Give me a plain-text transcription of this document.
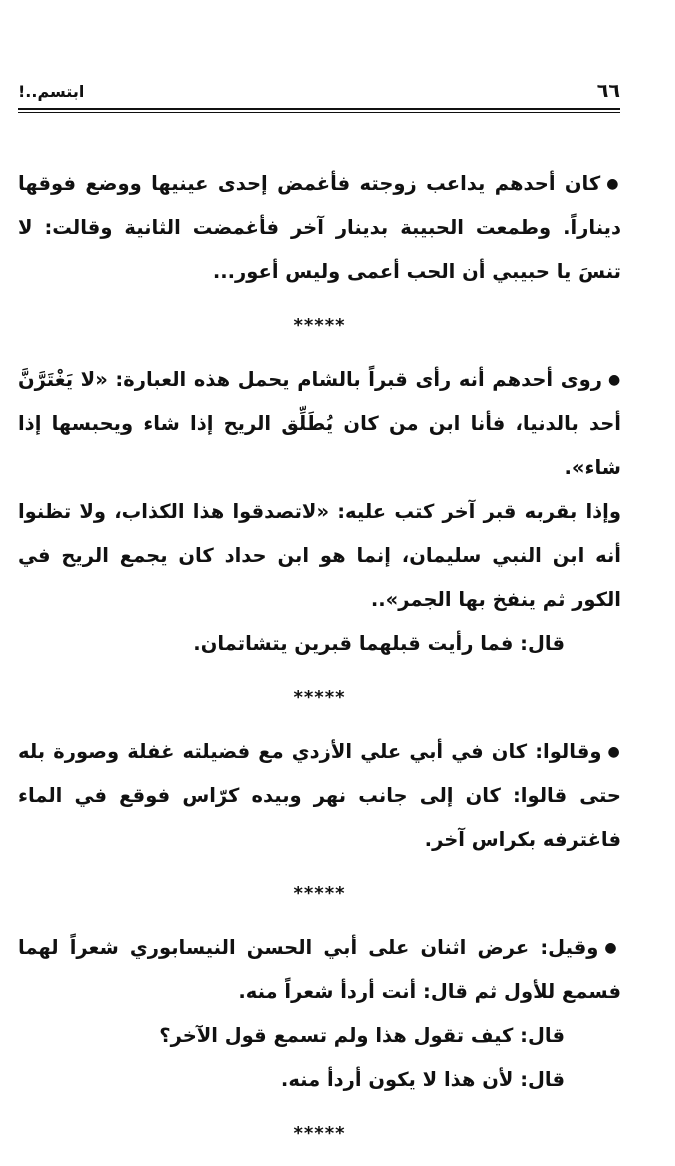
٦٦
ابتسم..!

●كان أحدهم يداعب زوجته فأغمض إحدى عينيها ووضع فوقها ديناراً. وطمعت الحبيبة بدينار آخر فأغمضت الثانية وقالت: لا تنسَ يا حبيبي أن الحب أعمى وليس أعور...

*****

●روى أحدهم أنه رأى قبراً بالشام يحمل هذه العبارة: «لا يَغْتَرَّنَّ أحد بالدنيا، فأنا ابن من كان يُطَلِّق الريح إذا شاء ويحبسها إذا شاء».

وإذا بقربه قبر آخر كتب عليه: «لاتصدقوا هذا الكذاب، ولا تظنوا أنه ابن النبي سليمان، إنما هو ابن حداد كان يجمع الريح في الكور ثم ينفخ بها الجمر»..

قال: فما رأيت قبلهما قبرين يتشاتمان.

*****

●وقالوا: كان في أبي علي الأزدي مع فضيلته غفلة وصورة بله حتى قالوا: كان إلى جانب نهر وبيده كرّاس فوقع في الماء فاغترفه بكراس آخر.

*****

●وقيل: عرض اثنان على أبي الحسن النيسابوري شعراً لهما فسمع للأول ثم قال: أنت أردأ شعراً منه.

قال: كيف تقول هذا ولم تسمع قول الآخر؟

قال: لأن هذا لا يكون أردأ منه.

*****
